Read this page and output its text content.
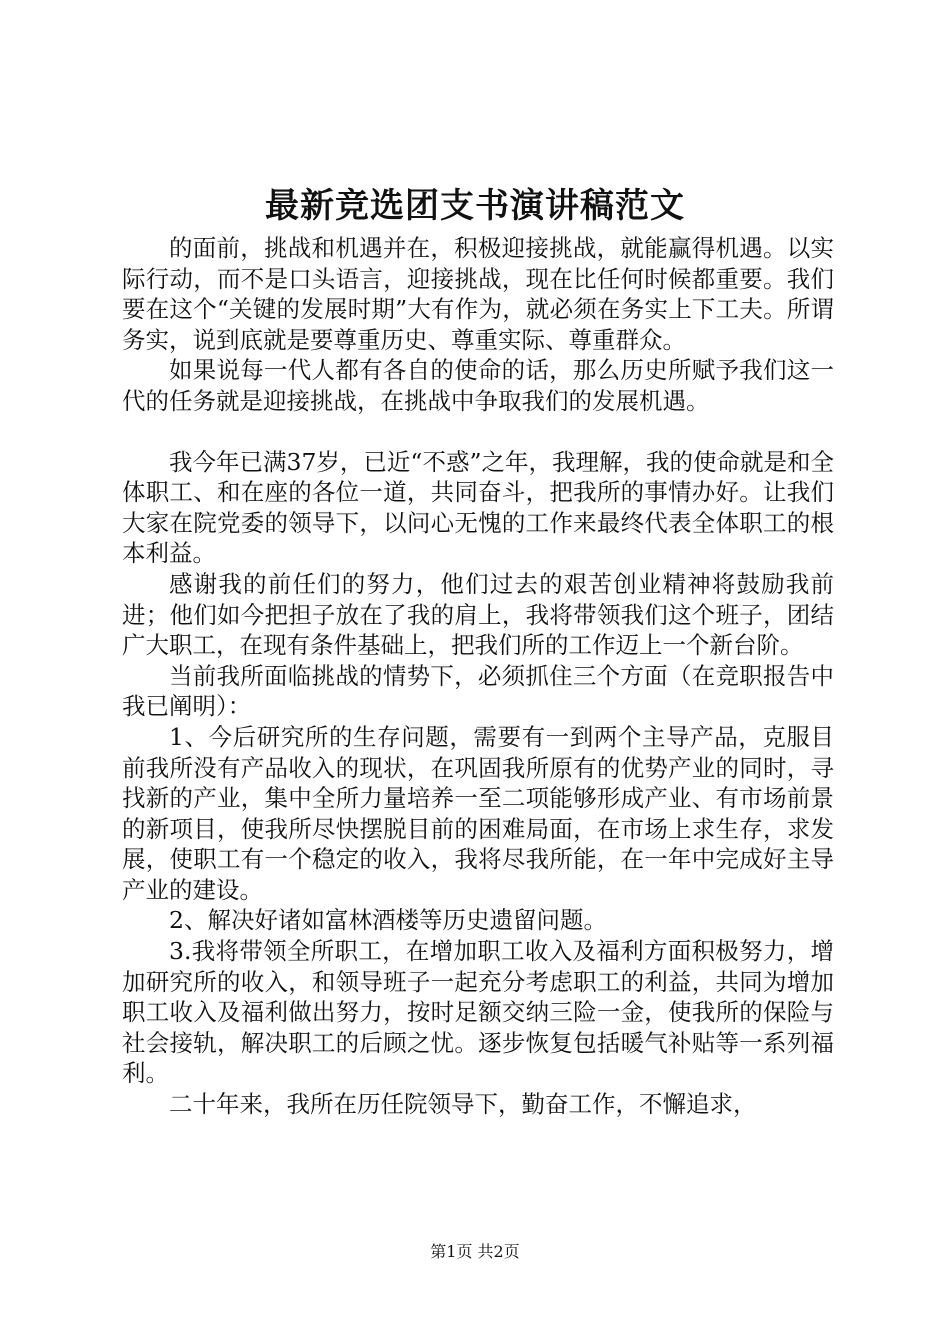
最新竞选团支书演讲稿范文

的面前，挑战和机遇并在，积极迎接挑战，就能赢得机遇。以实际行动，而不是口头语言，迎接挑战，现在比任何时候都重要。我们要在这个“关键的发展时期”大有作为，就必须在务实上下工夫。所谓务实，说到底就是要尊重历史、尊重实际、尊重群众。

如果说每一代人都有各自的使命的话，那么历史所赋予我们这一代的任务就是迎接挑战，在挑战中争取我们的发展机遇。

我今年已满37岁，已近“不惑”之年，我理解，我的使命就是和全体职工、和在座的各位一道，共同奋斗，把我所的事情办好。让我们大家在院党委的领导下，以问心无愧的工作来最终代表全体职工的根本利益。

感谢我的前任们的努力，他们过去的艰苦创业精神将鼓励我前进；他们如今把担子放在了我的肩上，我将带领我们这个班子，团结广大职工，在现有条件基础上，把我们所的工作迈上一个新台阶。

当前我所面临挑战的情势下，必须抓住三个方面（在竞职报告中我已阐明）：

1、今后研究所的生存问题，需要有一到两个主导产品，克服目前我所没有产品收入的现状，在巩固我所原有的优势产业的同时，寻找新的产业，集中全所力量培养一至二项能够形成产业、有市场前景的新项目，使我所尽快摆脱目前的困难局面，在市场上求生存，求发展，使职工有一个稳定的收入，我将尽我所能，在一年中完成好主导产业的建设。

2、解决好诸如富林酒楼等历史遗留问题。

3.我将带领全所职工，在增加职工收入及福利方面积极努力，增加研究所的收入，和领导班子一起充分考虑职工的利益，共同为增加职工收入及福利做出努力，按时足额交纳三险一金，使我所的保险与社会接轨，解决职工的后顾之忧。逐步恢复包括暖气补贴等一系列福利。

二十年来，我所在历任院领导下，勤奋工作，不懈追求，

第1页 共2页
